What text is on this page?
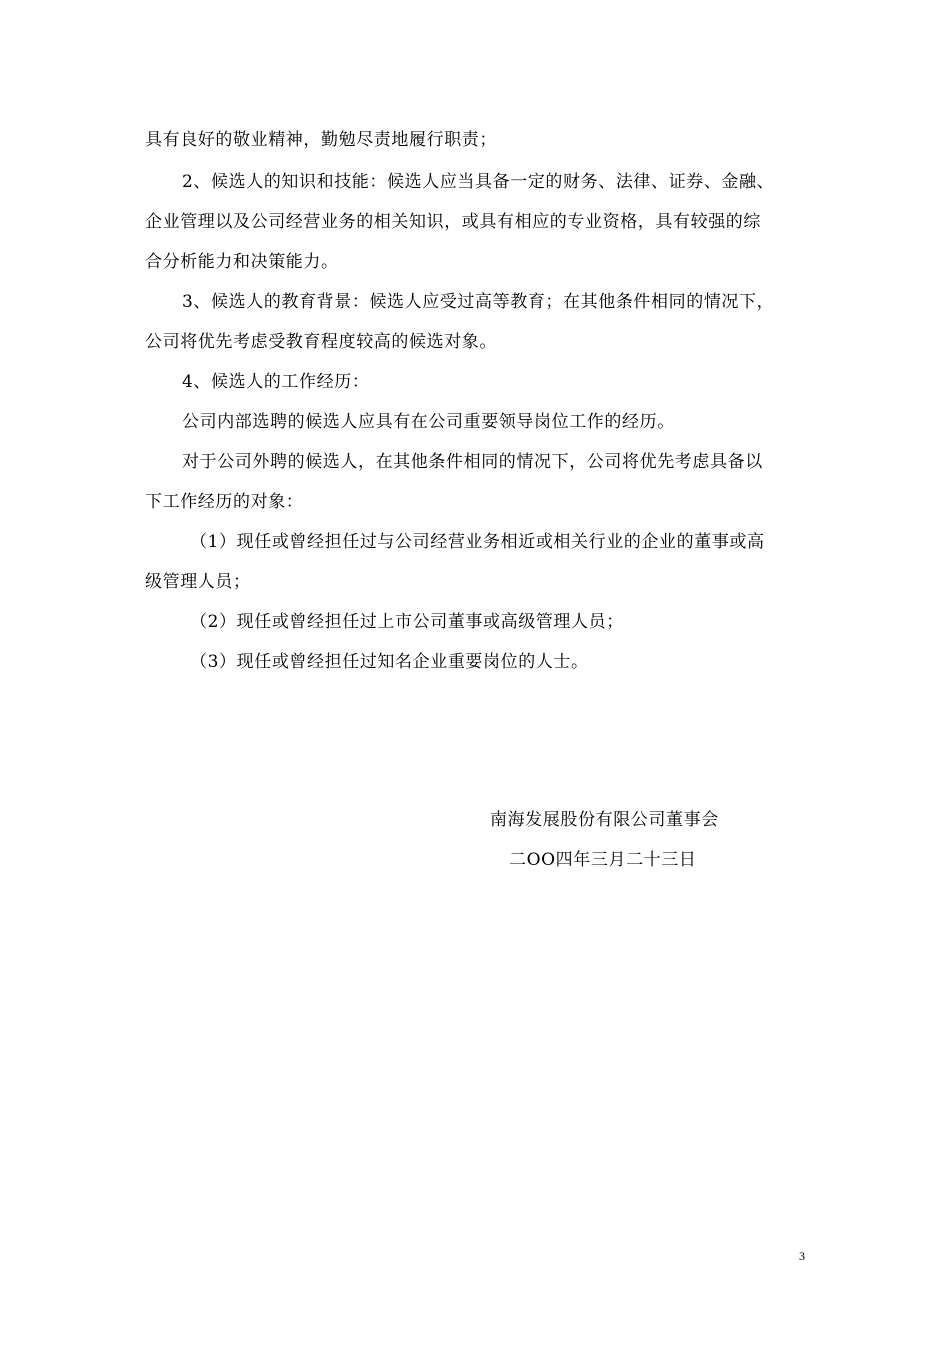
具有良好的敬业精神，勤勉尽责地履行职责；
2、候选人的知识和技能：候选人应当具备一定的财务、法律、证券、金融、
企业管理以及公司经营业务的相关知识，或具有相应的专业资格，具有较强的综
合分析能力和决策能力。
3、候选人的教育背景：候选人应受过高等教育；在其他条件相同的情况下，
公司将优先考虑受教育程度较高的候选对象。
4、候选人的工作经历：
公司内部选聘的候选人应具有在公司重要领导岗位工作的经历。
对于公司外聘的候选人，在其他条件相同的情况下，公司将优先考虑具备以
下工作经历的对象：
（1）现任或曾经担任过与公司经营业务相近或相关行业的企业的董事或高
级管理人员；
（2）现任或曾经担任过上市公司董事或高级管理人员；
（3）现任或曾经担任过知名企业重要岗位的人士。
南海发展股份有限公司董事会
二OO四年三月二十三日
3
